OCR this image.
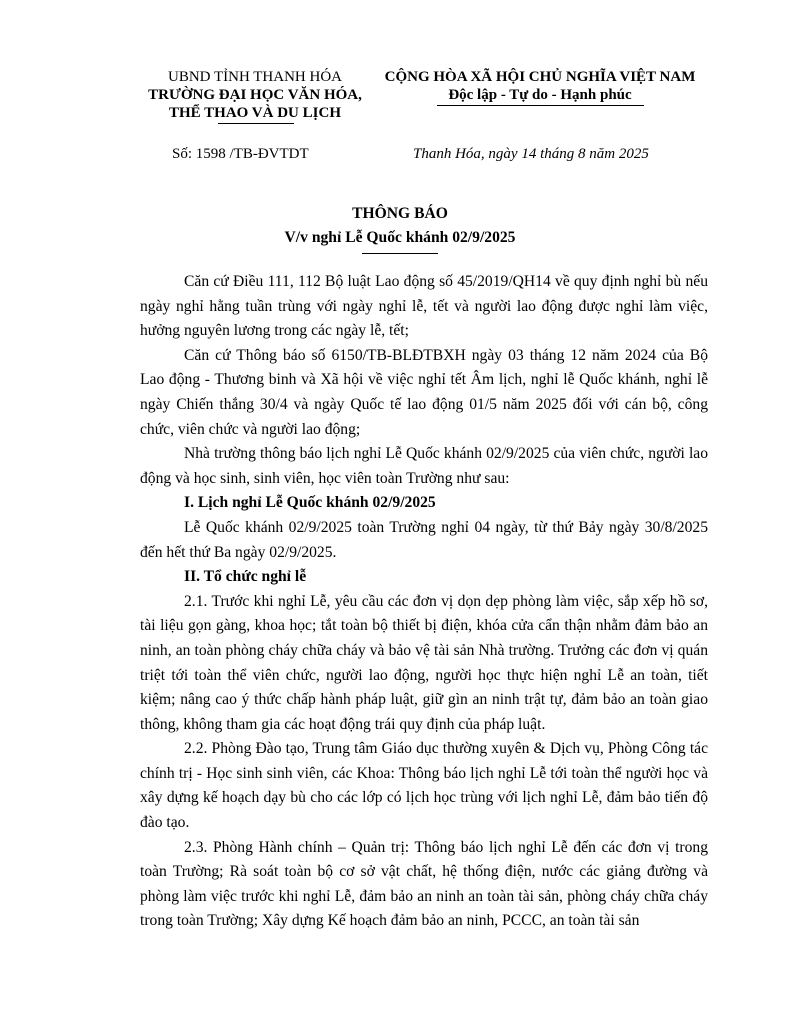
UBND TỈNH THANH HÓA
TRƯỜNG ĐẠI HỌC VĂN HÓA,
THỂ THAO VÀ DU LỊCH
CỘNG HÒA XÃ HỘI CHỦ NGHĨA VIỆT NAM
Độc lập - Tự do - Hạnh phúc
Số: 1598 /TB-ĐVTDT	Thanh Hóa, ngày 14 tháng 8 năm 2025
THÔNG BÁO
V/v nghỉ Lễ Quốc khánh 02/9/2025

Căn cứ Điều 111, 112 Bộ luật Lao động số 45/2019/QH14 về quy định nghỉ bù nếu ngày nghỉ hằng tuần trùng với ngày nghỉ lễ, tết và người lao động được nghỉ làm việc, hưởng nguyên lương trong các ngày lễ, tết;

Căn cứ Thông báo số 6150/TB-BLĐTBXH ngày 03 tháng 12 năm 2024 của Bộ Lao động - Thương binh và Xã hội về việc nghỉ tết Âm lịch, nghỉ lễ Quốc khánh, nghỉ lễ ngày Chiến thắng 30/4 và ngày Quốc tế lao động 01/5 năm 2025 đối với cán bộ, công chức, viên chức và người lao động;

Nhà trường thông báo lịch nghỉ Lễ Quốc khánh 02/9/2025 của viên chức, người lao động và học sinh, sinh viên, học viên toàn Trường như sau:

I. Lịch nghỉ Lễ Quốc khánh 02/9/2025

Lễ Quốc khánh 02/9/2025 toàn Trường nghỉ 04 ngày, từ thứ Bảy ngày 30/8/2025 đến hết thứ Ba ngày 02/9/2025.

II. Tổ chức nghỉ lễ

2.1. Trước khi nghỉ Lễ, yêu cầu các đơn vị dọn dẹp phòng làm việc, sắp xếp hồ sơ, tài liệu gọn gàng, khoa học; tắt toàn bộ thiết bị điện, khóa cửa cẩn thận nhằm đảm bảo an ninh, an toàn phòng cháy chữa cháy và bảo vệ tài sản Nhà trường. Trưởng các đơn vị quán triệt tới toàn thể viên chức, người lao động, người học thực hiện nghỉ Lễ an toàn, tiết kiệm; nâng cao ý thức chấp hành pháp luật, giữ gìn an ninh trật tự, đảm bảo an toàn giao thông, không tham gia các hoạt động trái quy định của pháp luật.

2.2. Phòng Đào tạo, Trung tâm Giáo dục thường xuyên & Dịch vụ, Phòng Công tác chính trị - Học sinh sinh viên, các Khoa: Thông báo lịch nghỉ Lễ tới toàn thể người học và xây dựng kế hoạch dạy bù cho các lớp có lịch học trùng với lịch nghỉ Lễ, đảm bảo tiến độ đào tạo.

2.3. Phòng Hành chính – Quản trị: Thông báo lịch nghỉ Lễ đến các đơn vị trong toàn Trường; Rà soát toàn bộ cơ sở vật chất, hệ thống điện, nước các giảng đường và phòng làm việc trước khi nghỉ Lễ, đảm bảo an ninh an toàn tài sản, phòng cháy chữa cháy trong toàn Trường; Xây dựng Kế hoạch đảm bảo an ninh, PCCC, an toàn tài sản
